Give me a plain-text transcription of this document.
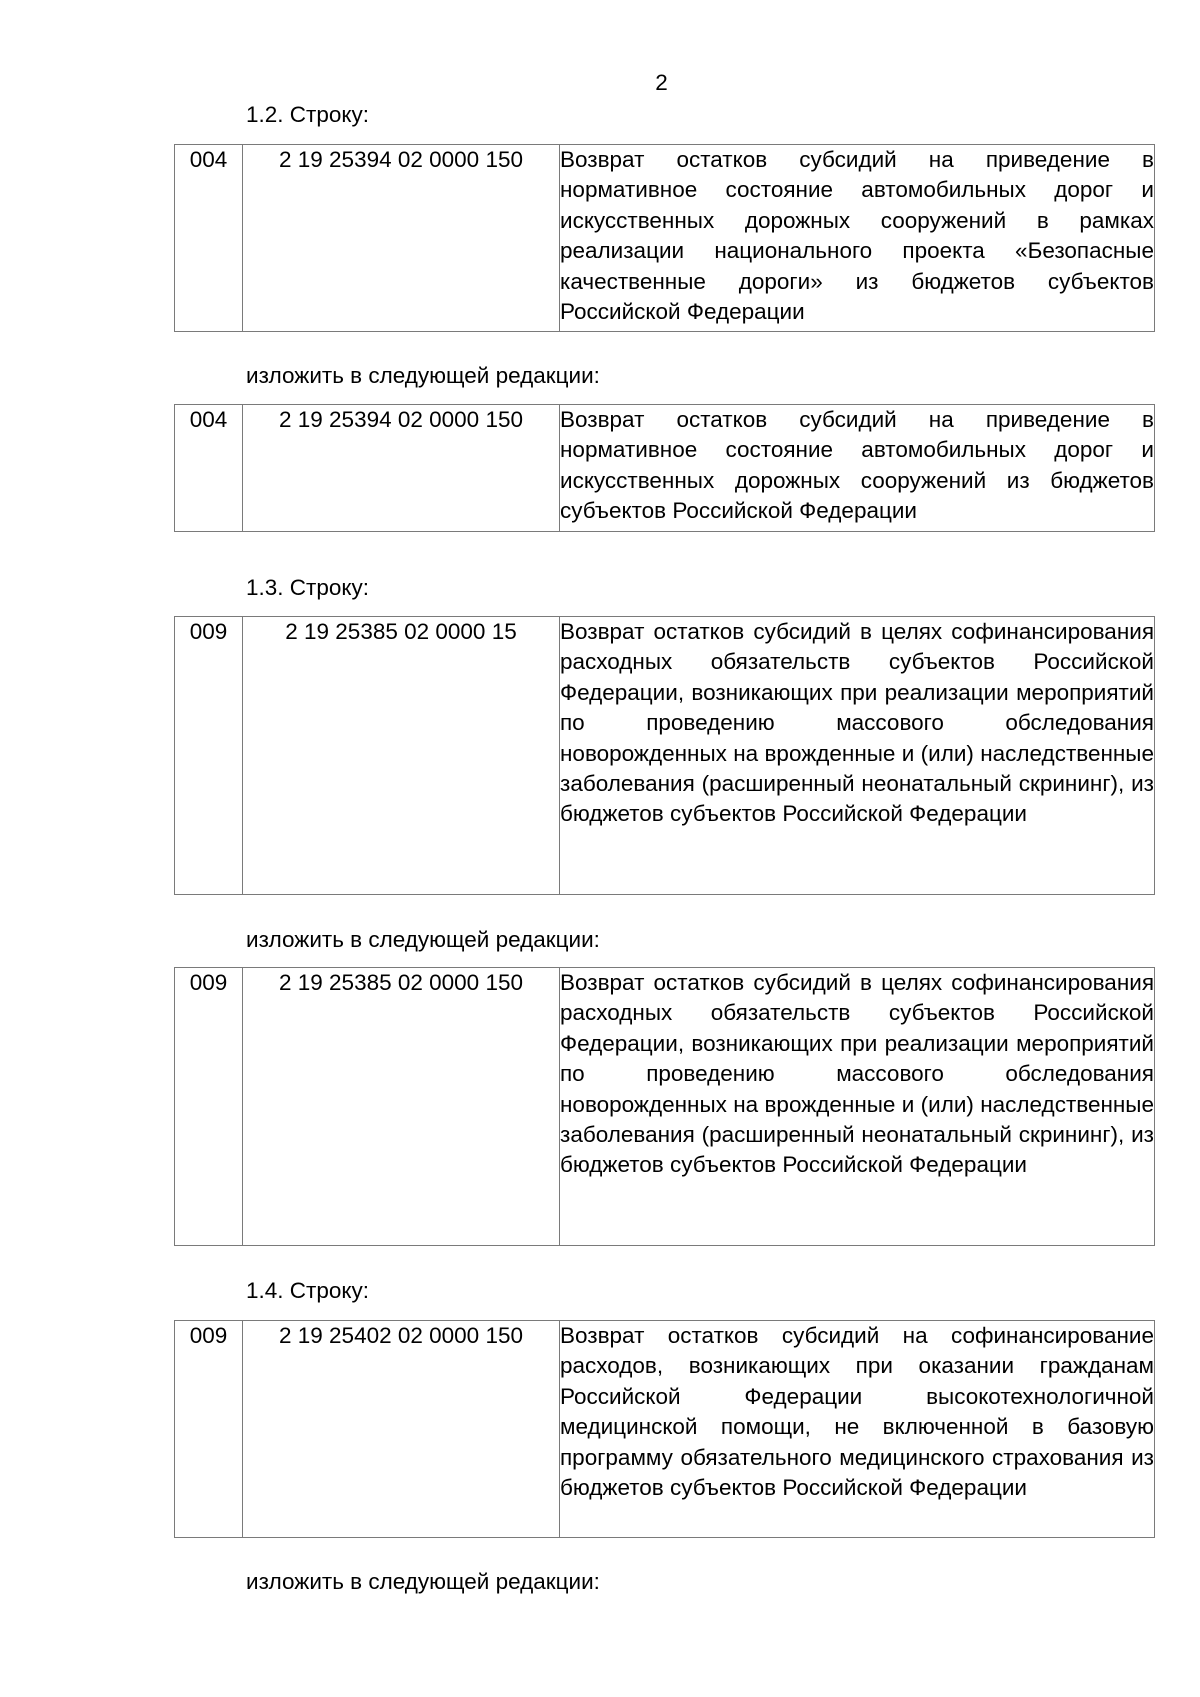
2
1.2. Строку:
004	2 19 25394 02 0000 150	Возврат остатков субсидий на приведение в нормативное состояние автомобильных дорог и искусственных дорожных сооружений в рамках реализации национального проекта «Безопасные качественные дороги» из бюджетов субъектов Российской Федерации
изложить в следующей редакции:
004	2 19 25394 02 0000 150	Возврат остатков субсидий на приведение в нормативное состояние автомобильных дорог и искусственных дорожных сооружений из бюджетов субъектов Российской Федерации
1.3. Строку:
009	2 19 25385 02 0000 15	Возврат остатков субсидий в целях софинансирования расходных обязательств субъектов Российской Федерации, возникающих при реализации мероприятий по проведению массового обследования новорожденных на врожденные и (или) наследственные заболевания (расширенный неонатальный скрининг), из бюджетов субъектов Российской Федерации
изложить в следующей редакции:
009	2 19 25385 02 0000 150	Возврат остатков субсидий в целях софинансирования расходных обязательств субъектов Российской Федерации, возникающих при реализации мероприятий по проведению массового обследования новорожденных на врожденные и (или) наследственные заболевания (расширенный неонатальный скрининг), из бюджетов субъектов Российской Федерации
1.4. Строку:
009	2 19 25402 02 0000 150	Возврат остатков субсидий на софинансирование расходов, возникающих при оказании гражданам Российской Федерации высокотехнологичной медицинской помощи, не включенной в базовую программу обязательного медицинского страхования из бюджетов субъектов Российской Федерации
изложить в следующей редакции:
